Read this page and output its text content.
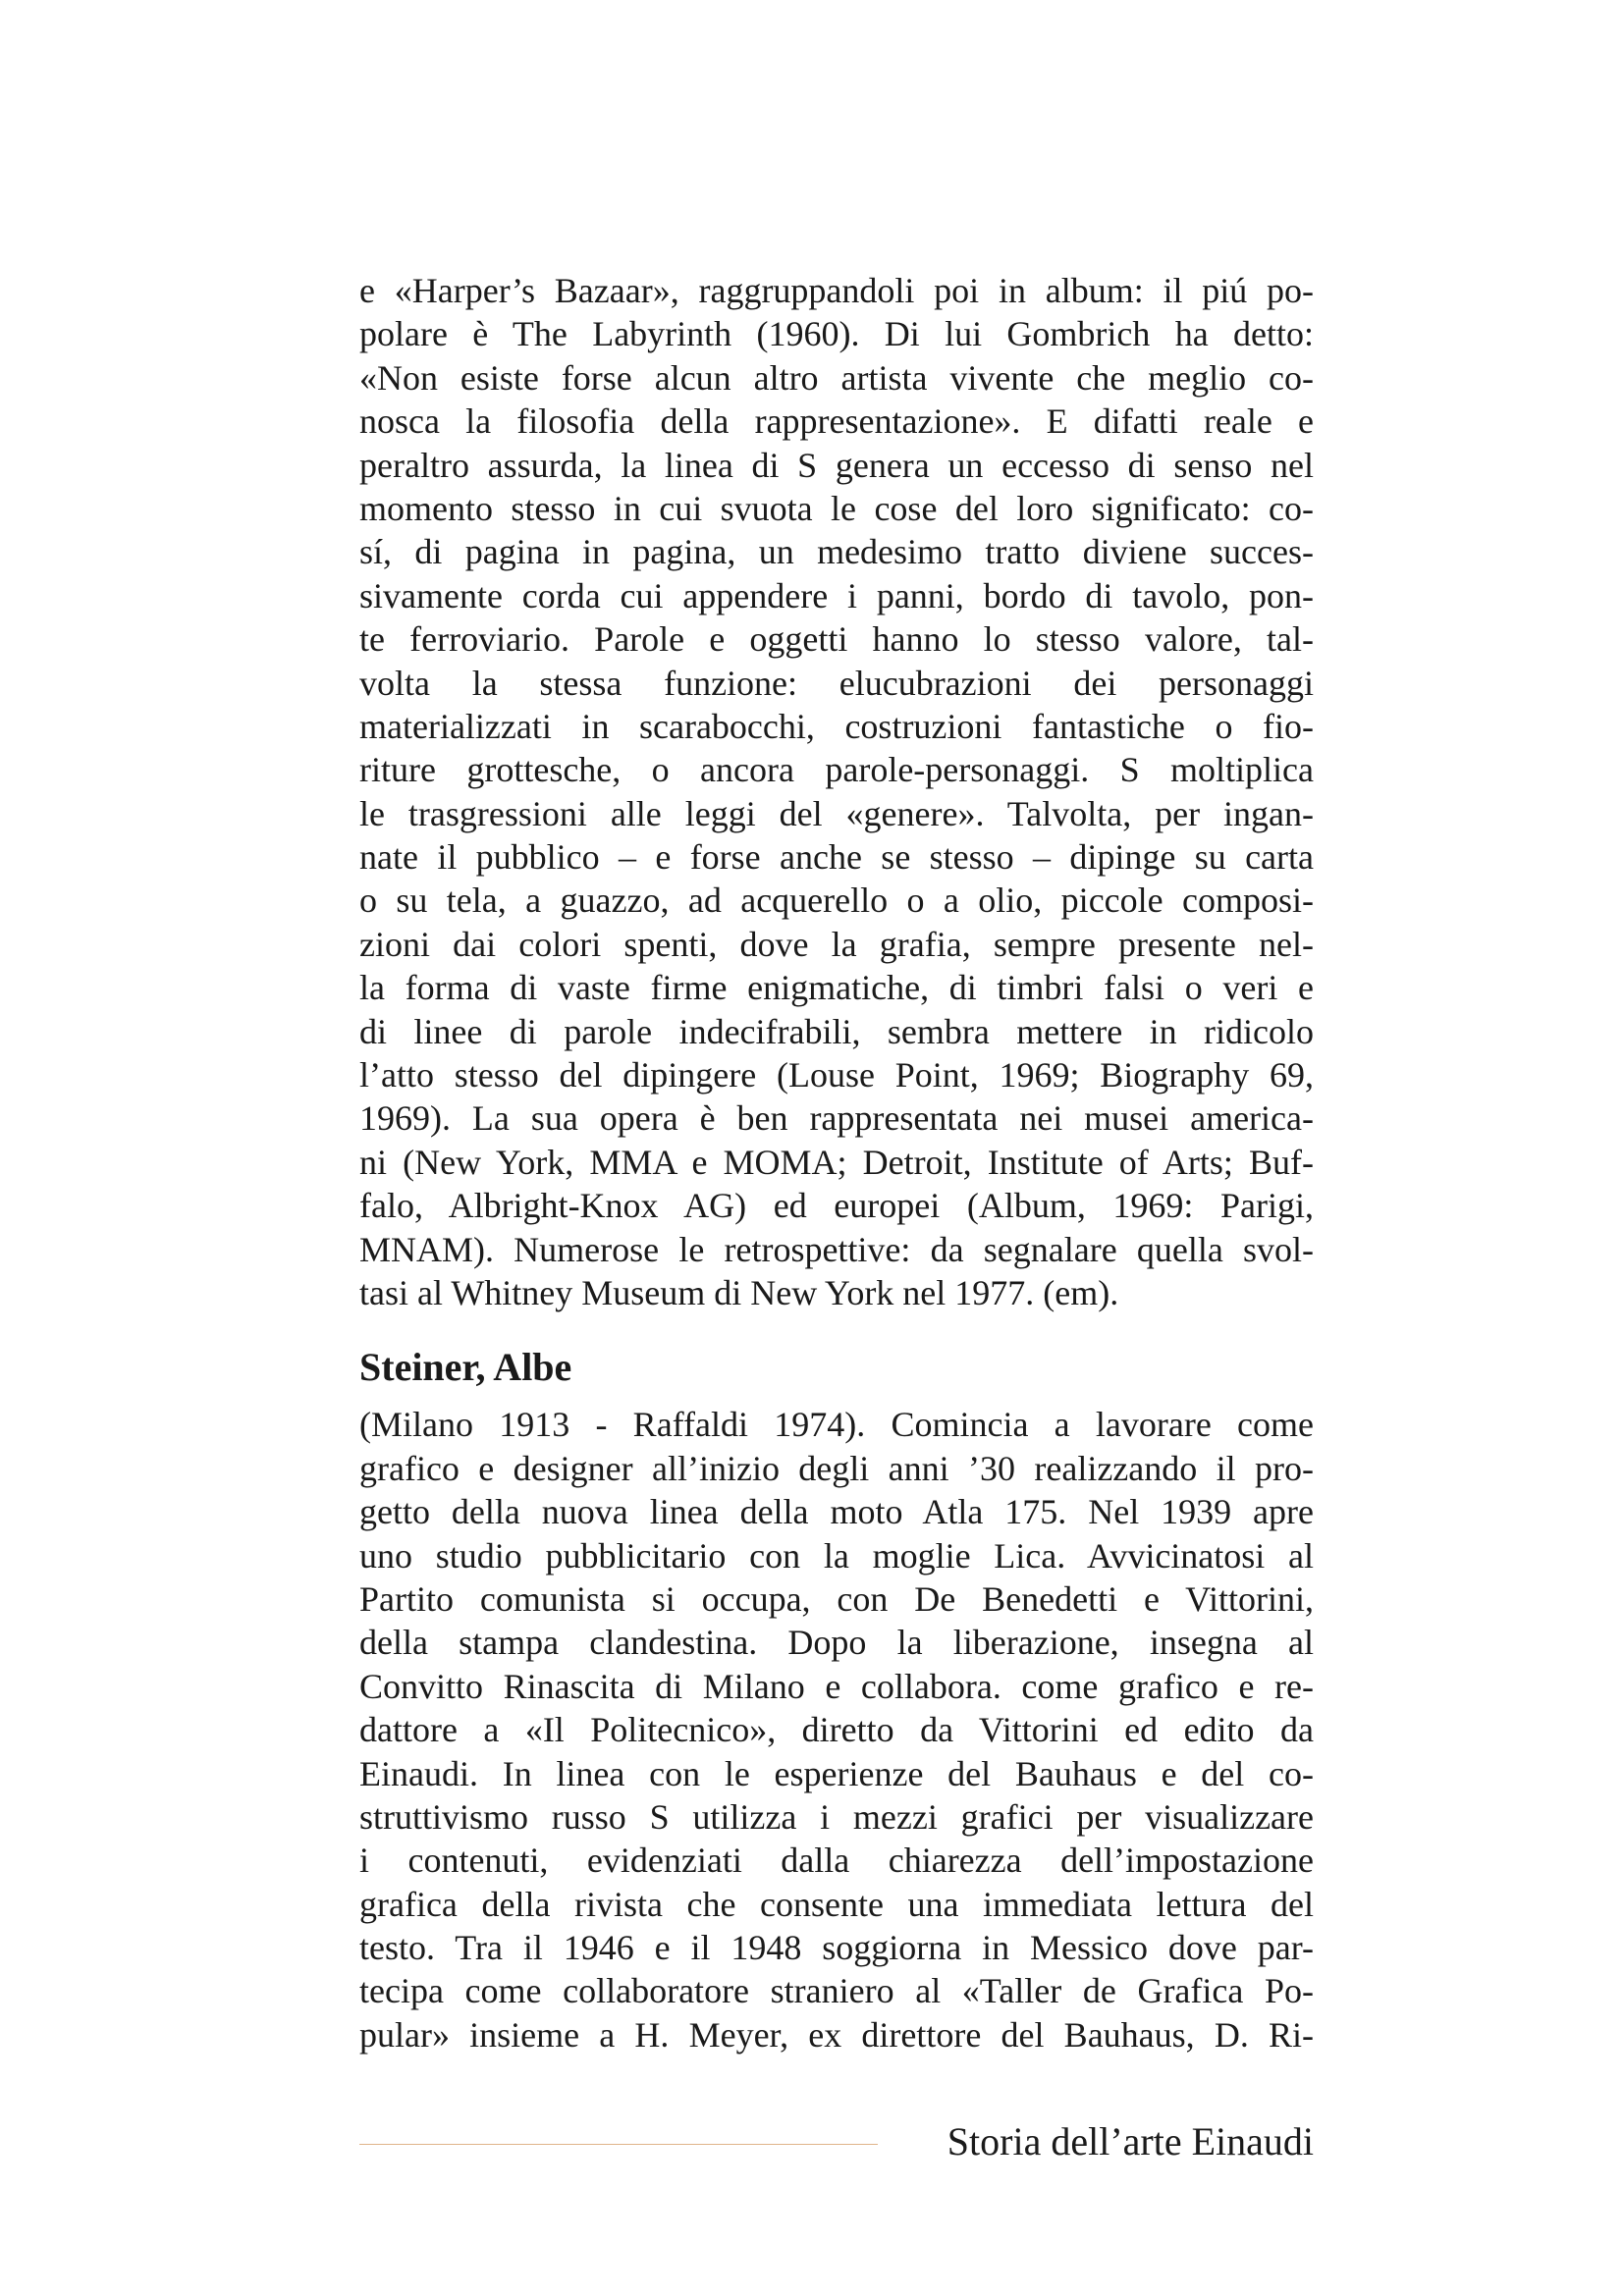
e «Harper’s Bazaar», raggruppandoli poi in album: il piú po-
polare è The Labyrinth (1960). Di lui Gombrich ha detto:
«Non esiste forse alcun altro artista vivente che meglio co-
nosca la filosofia della rappresentazione». E difatti reale e
peraltro assurda, la linea di S genera un eccesso di senso nel
momento stesso in cui svuota le cose del loro significato: co-
sí, di pagina in pagina, un medesimo tratto diviene succes-
sivamente corda cui appendere i panni, bordo di tavolo, pon-
te ferroviario. Parole e oggetti hanno lo stesso valore, tal-
volta la stessa funzione: elucubrazioni dei personaggi
materializzati in scarabocchi, costruzioni fantastiche o fio-
riture grottesche, o ancora parole-personaggi. S moltiplica
le trasgressioni alle leggi del «genere». Talvolta, per ingan-
nate il pubblico – e forse anche se stesso – dipinge su carta
o su tela, a guazzo, ad acquerello o a olio, piccole composi-
zioni dai colori spenti, dove la grafia, sempre presente nel-
la forma di vaste firme enigmatiche, di timbri falsi o veri e
di linee di parole indecifrabili, sembra mettere in ridicolo
l’atto stesso del dipingere (Louse Point, 1969; Biography 69,
1969). La sua opera è ben rappresentata nei musei america-
ni (New York, MMA e MOMA; Detroit, Institute of Arts; Buf-
falo, Albright-Knox AG) ed europei (Album, 1969: Parigi,
MNAM). Numerose le retrospettive: da segnalare quella svol-
tasi al Whitney Museum di New York nel 1977. (em).
Steiner, Albe
(Milano 1913 - Raffaldi 1974). Comincia a lavorare come
grafico e designer all’inizio degli anni ’30 realizzando il pro-
getto della nuova linea della moto Atla 175. Nel 1939 apre
uno studio pubblicitario con la moglie Lica. Avvicinatosi al
Partito comunista si occupa, con De Benedetti e Vittorini,
della stampa clandestina. Dopo la liberazione, insegna al
Convitto Rinascita di Milano e collabora. come grafico e re-
dattore a «Il Politecnico», diretto da Vittorini ed edito da
Einaudi. In linea con le esperienze del Bauhaus e del co-
struttivismo russo S utilizza i mezzi grafici per visualizzare
i contenuti, evidenziati dalla chiarezza dell’impostazione
grafica della rivista che consente una immediata lettura del
testo. Tra il 1946 e il 1948 soggiorna in Messico dove par-
tecipa come collaboratore straniero al «Taller de Grafica Po-
pular» insieme a H. Meyer, ex direttore del Bauhaus, D. Ri-
Storia dell’arte Einaudi
